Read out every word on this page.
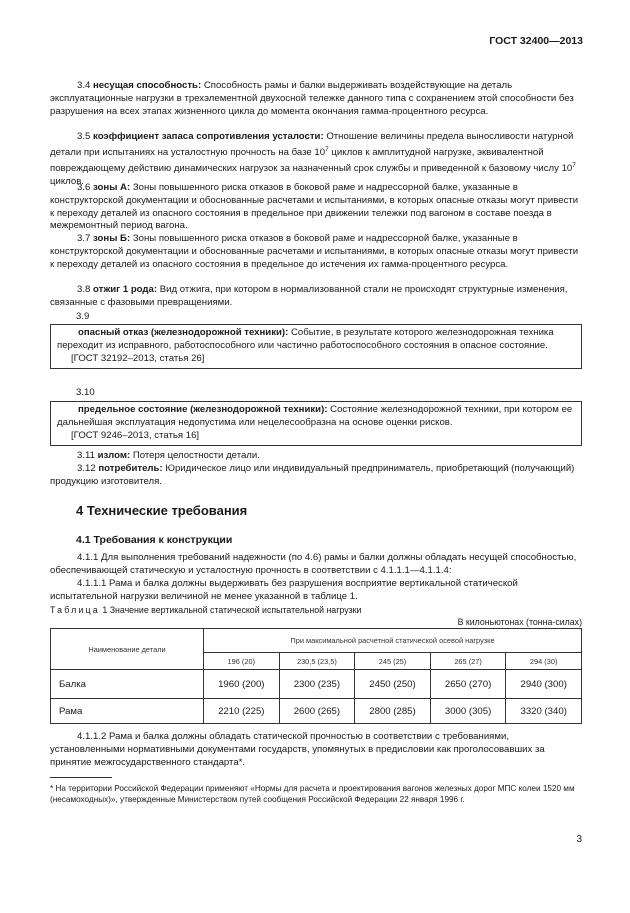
ГОСТ 32400—2013

3.4 несущая способность: Способность рамы и балки выдерживать воздействующие на деталь эксплуатационные нагрузки в трехэлементной двухосной тележке данного типа с сохранением этой способности без разрушения на всех этапах жизненного цикла до момента окончания гамма-процентного ресурса.

3.5 коэффициент запаса сопротивления усталости: Отношение величины предела выносливости натурной детали при испытаниях на усталостную прочность на базе $10^7$ циклов к амплитудной нагрузке, эквивалентной повреждающему действию динамических нагрузок за назначенный срок службы и приведенной к базовому числу $10^7$ циклов.

3.6 зоны А: Зоны повышенного риска отказов в боковой раме и надрессорной балке, указанные в конструкторской документации и обоснованные расчетами и испытаниями, в которых опасные отказы могут привести к переходу деталей из опасного состояния в предельное при движении тележки под вагоном в составе поезда в межремонтный период вагона.

3.7 зоны Б: Зоны повышенного риска отказов в боковой раме и надрессорной балке, указанные в конструкторской документации и обоснованные расчетами и испытаниями, в которых опасные отказы могут привести к переходу деталей из опасного состояния в предельное до истечения их гамма-процентного ресурса.

3.8 отжиг 1 рода: Вид отжига, при котором в нормализованной стали не происходят структурные изменения, связанные с фазовыми превращениями.

3.9
опасный отказ (железнодорожной техники): Событие, в результате которого железнодорожная техника переходит из исправного, работоспособного или частично работоспособного состояния в опасное состояние.
[ГОСТ 32192–2013, статья 26]
3.10
предельное состояние (железнодорожной техники): Состояние железнодорожной техники, при котором ее дальнейшая эксплуатация недопустима или нецелесообразна на основе оценки рисков.
[ГОСТ 9246–2013, статья 16]

3.11 излом: Потеря целостности детали.

3.12 потребитель: Юридическое лицо или индивидуальный предприниматель, приобретающий (получающий) продукцию изготовителя.

4 Технические требования
4.1 Требования к конструкции

4.1.1 Для выполнения требований надежности (по 4.6) рамы и балки должны обладать несущей способностью, обеспечивающей статическую и усталостную прочность в соответствии с 4.1.1.1—4.1.1.4:

4.1.1.1 Рама и балка должны выдерживать без разрушения восприятие вертикальной статической испытательной нагрузки величиной не менее указанной в таблице 1.

Таблица 1 Значение вертикальной статической испытательной нагрузки
В килоньютонах (тонна-силах)
Наименование детали	При максимальной расчетной статической осевой нагрузке				
	196 (20)	230,5 (23,5)	245 (25)	265 (27)	294 (30)
Балка	1960 (200)	2300 (235)	2450 (250)	2650 (270)	2940 (300)
Рама	2210 (225)	2600 (265)	2800 (285)	3000 (305)	3320 (340)

4.1.1.2 Рама и балка должны обладать статической прочностью в соответствии с требованиями, установленными нормативными документами государств, упомянутых в предисловии как проголосовавших за принятие межгосударственного стандарта*.

* На территории Российской Федерации применяют «Нормы для расчета и проектирования вагонов железных дорог МПС колеи 1520 мм (несамоходных)», утвержденные Министерством путей сообщения Российской Федерации 22 января 1996 г.

3
